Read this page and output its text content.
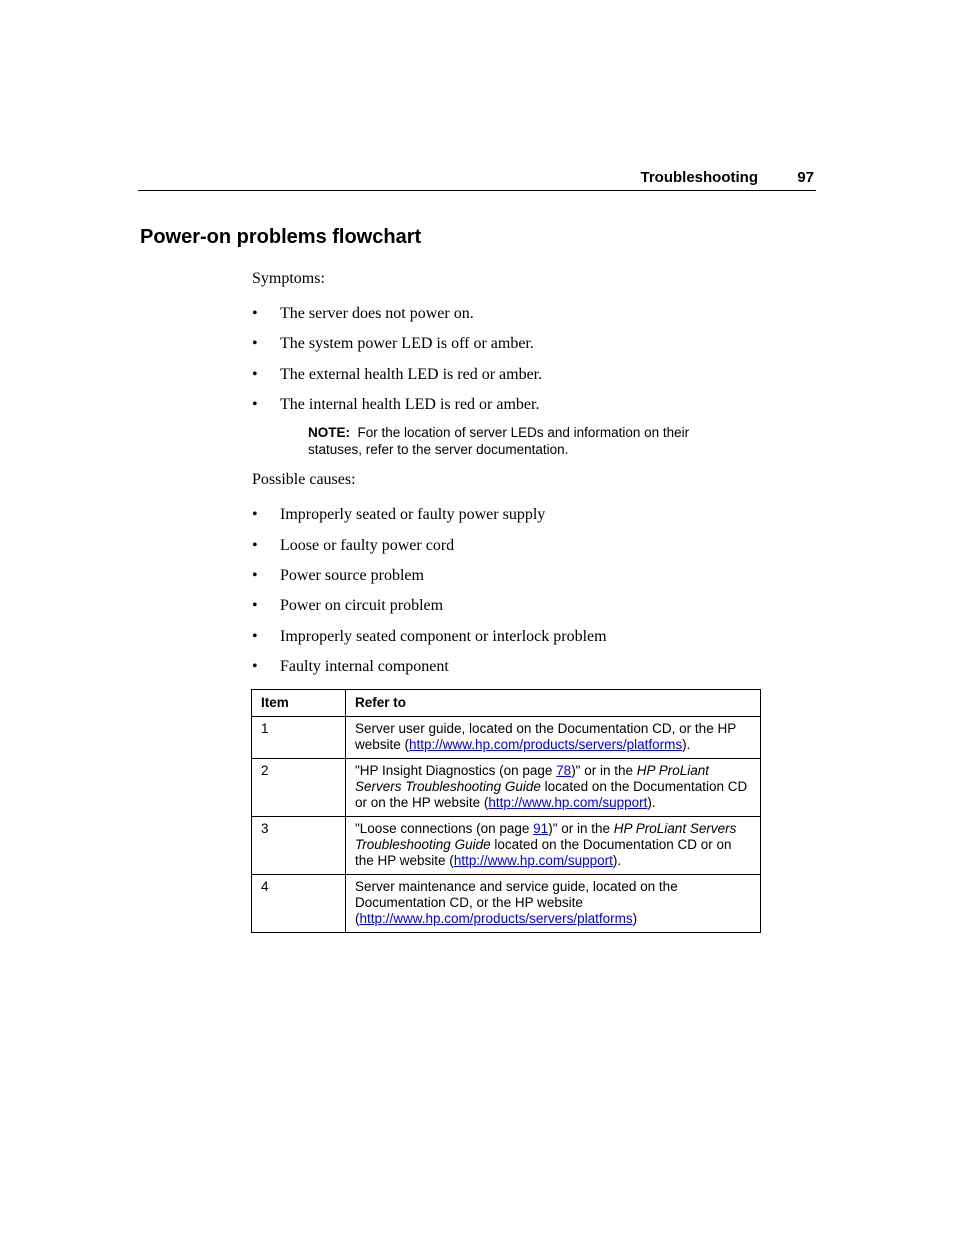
Troubleshooting	97
Power-on problems flowchart
Symptoms:
• The server does not power on.
• The system power LED is off or amber.
• The external health LED is red or amber.
• The internal health LED is red or amber.
NOTE: For the location of server LEDs and information on their statuses, refer to the server documentation.
Possible causes:
• Improperly seated or faulty power supply
• Loose or faulty power cord
• Power source problem
• Power on circuit problem
• Improperly seated component or interlock problem
• Faulty internal component
Item	Refer to
1	Server user guide, located on the Documentation CD, or the HP website (http://www.hp.com/products/servers/platforms).
2	"HP Insight Diagnostics (on page 78)" or in the HP ProLiant Servers Troubleshooting Guide located on the Documentation CD or on the HP website (http://www.hp.com/support).
3	"Loose connections (on page 91)" or in the HP ProLiant Servers Troubleshooting Guide located on the Documentation CD or on the HP website (http://www.hp.com/support).
4	Server maintenance and service guide, located on the Documentation CD, or the HP website (http://www.hp.com/products/servers/platforms)
